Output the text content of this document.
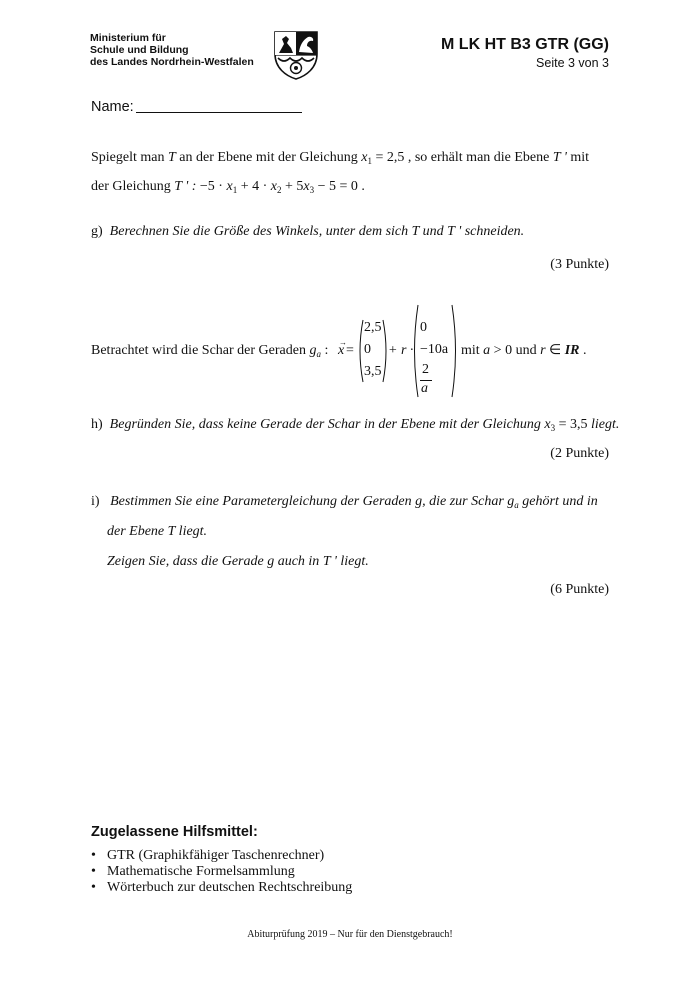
Ministerium für
Schule und Bildung
des Landes Nordrhein-Westfalen
M LK HT B3 GTR (GG)
Seite 3 von 3
Name:
Spiegelt man T an der Ebene mit der Gleichung $x_1 = 2,5$ , so erhält man die Ebene T ' mit
der Gleichung T ' : $-5 \cdot x_1 + 4 \cdot x_2 + 5x_3 - 5 = 0$ .
g) Berechnen Sie die Größe des Winkels, unter dem sich T und T ' schneiden.
(3 Punkte)
Betrachtet wird die Schar der Geraden $g_a$ :
→
x =
2,5
0
3,5
+ r ·
0
−10a
2
a
mit a > 0 und r ∈ IR .
h) Begründen Sie, dass keine Gerade der Schar in der Ebene mit der Gleichung $x_3 = 3,5$ liegt.
(2 Punkte)
i) Bestimmen Sie eine Parametergleichung der Geraden g, die zur Schar $g_a$ gehört und in
der Ebene T liegt.
Zeigen Sie, dass die Gerade g auch in T ' liegt.
(6 Punkte)
Zugelassene Hilfsmittel:
• GTR (Graphikfähiger Taschenrechner)
• Mathematische Formelsammlung
• Wörterbuch zur deutschen Rechtschreibung
Abiturprüfung 2019 – Nur für den Dienstgebrauch!
